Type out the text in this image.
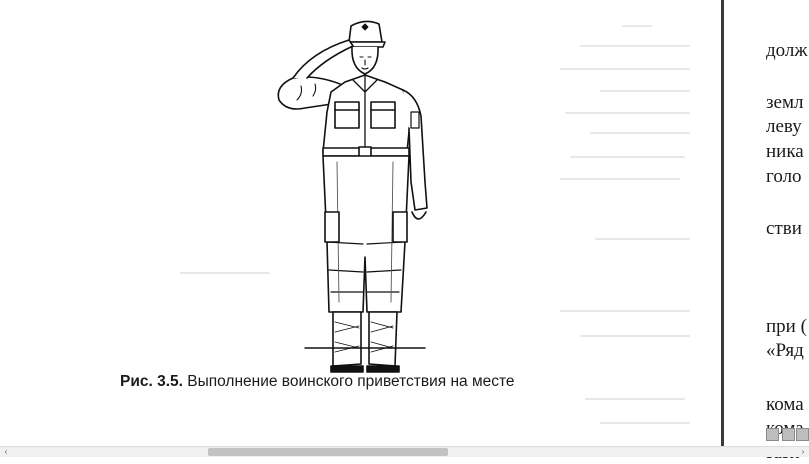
Рис. 3.5. Выполнение воинского приветствия на месте
долж
земл
леву
ника
голо
стви
при (
«Ряд
кома
‹	›
